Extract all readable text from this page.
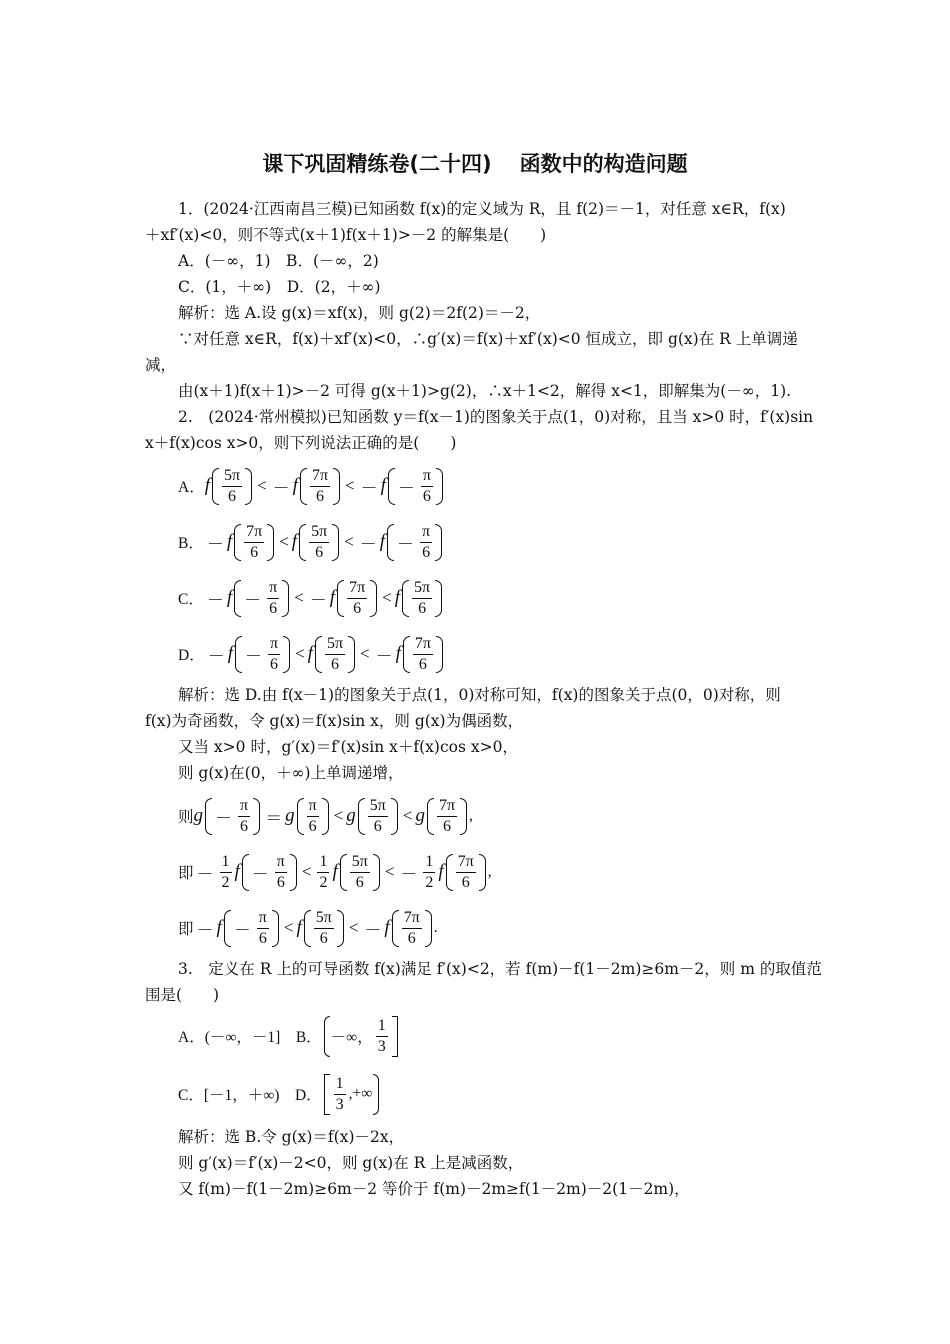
课下巩固精练卷(二十四) 函数中的构造问题
1．(2024·江西南昌三模)已知函数 f(x)的定义域为 R，且 f(2)＝－1，对任意 x∈R，f(x)
＋xf′(x)<0，则不等式(x＋1)f(x＋1)>－2 的解集是(　　)
A．(－∞，1)　B．(－∞，2)
C．(1，＋∞)　D．(2，＋∞)
解析：选 A.设 g(x)＝xf(x)，则 g(2)＝2f(2)＝－2，
∵对任意 x∈R，f(x)＋xf′(x)<0，∴g′(x)＝f(x)＋xf′(x)<0 恒成立，即 g(x)在 R 上单调递
减，
由(x＋1)f(x＋1)>－2 可得 g(x＋1)>g(2)，∴x＋1<2，解得 x<1，即解集为(－∞，1).
2.　(2024·常州模拟)已知函数 y＝f(x－1)的图象关于点(1，0)对称，且当 x>0 时，f′(x)sin
x＋f(x)cos x>0，则下列说法正确的是(　　)
A． f $\frac{5\pi}{6}$ < － f $\frac{7\pi}{6}$ < － $f - \frac{\pi}{6}$
B． － f $\frac{7\pi}{6} < f \frac{5\pi}{6}$ < － $f - \frac{\pi}{6}$
C． － $f - \frac{\pi}{6}$ < － f $\frac{7\pi}{6} < f \frac{5\pi}{6}$
D． － $f - \frac{\pi}{6} < f \frac{5\pi}{6}$ < － f $\frac{7\pi}{6}$
解析：选 D.由 f(x－1)的图象关于点(1，0)对称可知，f(x)的图象关于点(0，0)对称，则
f(x)为奇函数，令 g(x)＝f(x)sin x，则 g(x)为偶函数，
又当 x>0 时，g′(x)＝f′(x)sin x＋f(x)cos x>0，
则 g(x)在(0，＋∞)上单调递增，
则 $g - \frac{\pi}{6} = g \frac{\pi}{6} < g \frac{5\pi}{6} < g \frac{7\pi}{6}$ ,
即 － $\frac{1}{2}$ $f - \frac{\pi}{6} < \frac{1}{2}$ f $\frac{5\pi}{6}$ < － $\frac{1}{2}$ f $\frac{7\pi}{6}$ ,
即 － $f - \frac{\pi}{6} < f \frac{5\pi}{6}$ < － f $\frac{7\pi}{6}$ .
3.　定义在 R 上的可导函数 f(x)满足 f′(x)<2，若 f(m)－f(1－2m)≥6m－2，则 m 的取值范
围是(　　)
A．(－∞，－1]　B． －∞， $\frac{1}{3}$
C．[－1，＋∞)　D． $\frac{1}{3}$ ,+∞
解析：选 B.令 g(x)＝f(x)－2x，
则 g′(x)＝f′(x)－2<0，则 g(x)在 R 上是减函数，
又 f(m)－f(1－2m)≥6m－2 等价于 f(m)－2m≥f(1－2m)－2(1－2m)，
